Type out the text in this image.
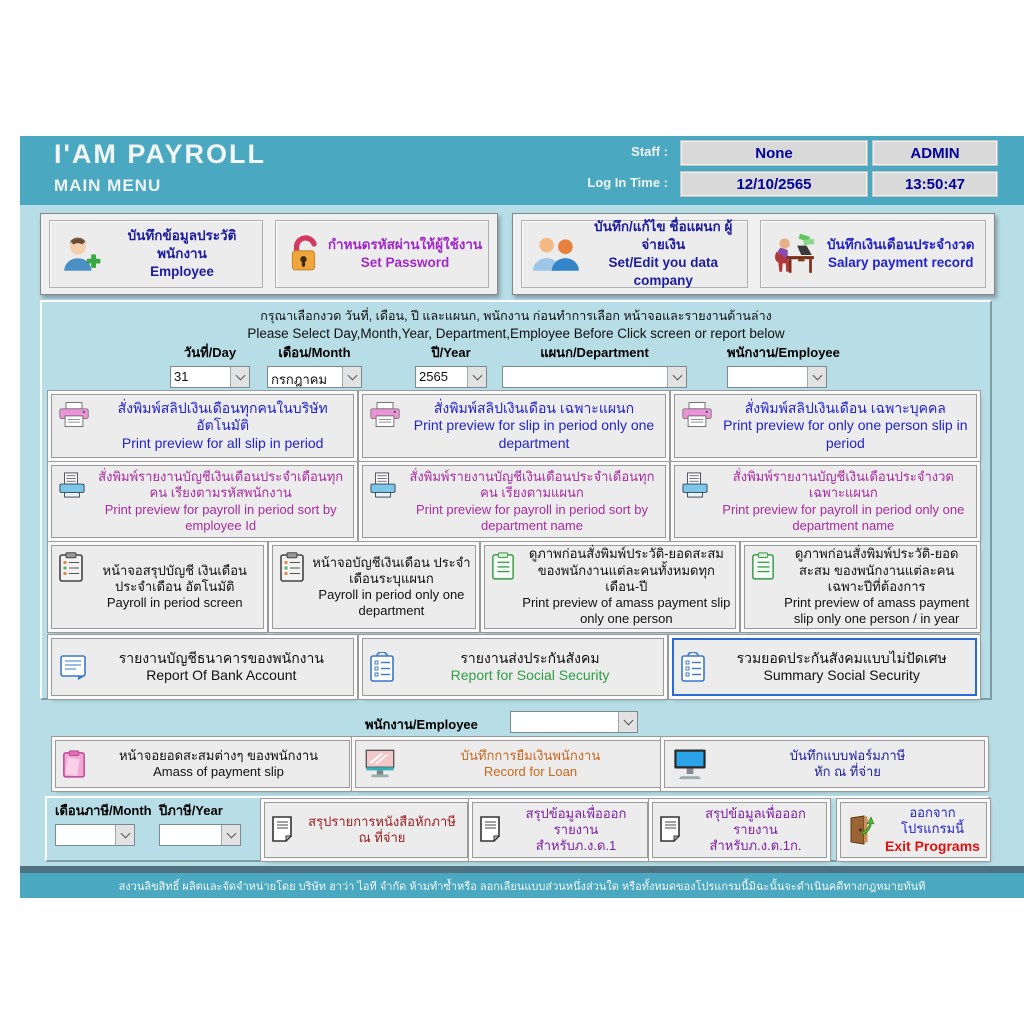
I'AM PAYROLL
MAIN MENU
Staff :	None	ADMIN
Log In Time :	12/10/2565	13:50:47
บันทึกข้อมูลประวัติพนักงาน
Employee
กำหนดรหัสผ่านให้ผู้ใช้งาน
Set Password
บันทึก/แก้ไข ชื่อแผนก ผู้จ่ายเงิน
Set/Edit you data company
บันทึกเงินเดือนประจำงวด
Salary payment record
กรุณาเลือกงวด วันที่, เดือน, ปี และแผนก, พนักงาน ก่อนทำการเลือก หน้าจอและรายงานด้านล่าง
Please Select Day,Month,Year, Department,Employee Before Click screen or report below
วันที่/Day
31
เดือน/Month
กรกฎาคม
ปี/Year
2565
แผนก/Department	พนักงาน/Employee
สั่งพิมพ์สลิปเงินเดือนทุกคนในบริษัทอัตโนมัติ
Print preview for all slip in period
สั่งพิมพ์สลิปเงินเดือน เฉพาะแผนก
Print preview for slip in period only one department
สั่งพิมพ์สลิปเงินเดือน เฉพาะบุคคล
Print preview for only one person slip in period
สั่งพิมพ์รายงานบัญชีเงินเดือนประจำเดือนทุกคน เรียงตามรหัสพนักงาน
Print preview for payroll in period sort by employee Id
สั่งพิมพ์รายงานบัญชีเงินเดือนประจำเดือนทุกคน เรียงตามแผนก
Print preview for payroll in period sort by department name
สั่งพิมพ์รายงานบัญชีเงินเดือนประจำงวด เฉพาะแผนก
Print preview for payroll in period only one department name
หน้าจอสรุปบัญชี เงินเดือนประจำเดือน อัตโนมัติ
Payroll in period screen
หน้าจอบัญชีเงินเดือน ประจำเดือนระบุแผนก
Payroll in period only one department
ดูภาพก่อนสั่งพิมพ์ประวัติ-ยอดสะสม ของพนักงานแต่ละคนทั้งหมดทุกเดือน-ปี
Print preview of amass payment slip only one person
ดูภาพก่อนสั่งพิมพ์ประวัติ-ยอดสะสม ของพนักงานแต่ละคน เฉพาะปีที่ต้องการ
Print preview of amass payment slip only one person / in year
รายงานบัญชีธนาคารของพนักงาน
Report Of Bank Account
รายงานส่งประกันสังคม
Report for Social Security
รวมยอดประกันสังคมแบบไม่ปัดเศษ
Summary Social Security
พนักงาน/Employee
หน้าจอยอดสะสมต่างๆ ของพนักงาน
Amass of payment slip
บันทึกการยืมเงินพนักงาน
Record for Loan
บันทึกแบบฟอร์มภาษี
หัก ณ ที่จ่าย
เดือนภาษี/Month ปีภาษี/Year
สรุปรายการหนังสือหักภาษี ณ ที่จ่าย
สรุปข้อมูลเพื่อออกรายงาน
สำหรับภ.ง.ด.1
สรุปข้อมูลเพื่อออกรายงาน
สำหรับภ.ง.ด.1ก.
ออกจากโปรแกรมนี้
Exit Programs
สงวนลิขสิทธิ์ ผลิตและจัดจำหน่ายโดย บริษัท ฮาว่า ไอที จำกัด ห้ามทำซ้ำหรือ ลอกเลียนแบบส่วนหนึ่งส่วนใด หรือทั้งหมดของโปรแกรมนี้มิฉะนั้นจะดำเนินคดีทางกฎหมายทันที
